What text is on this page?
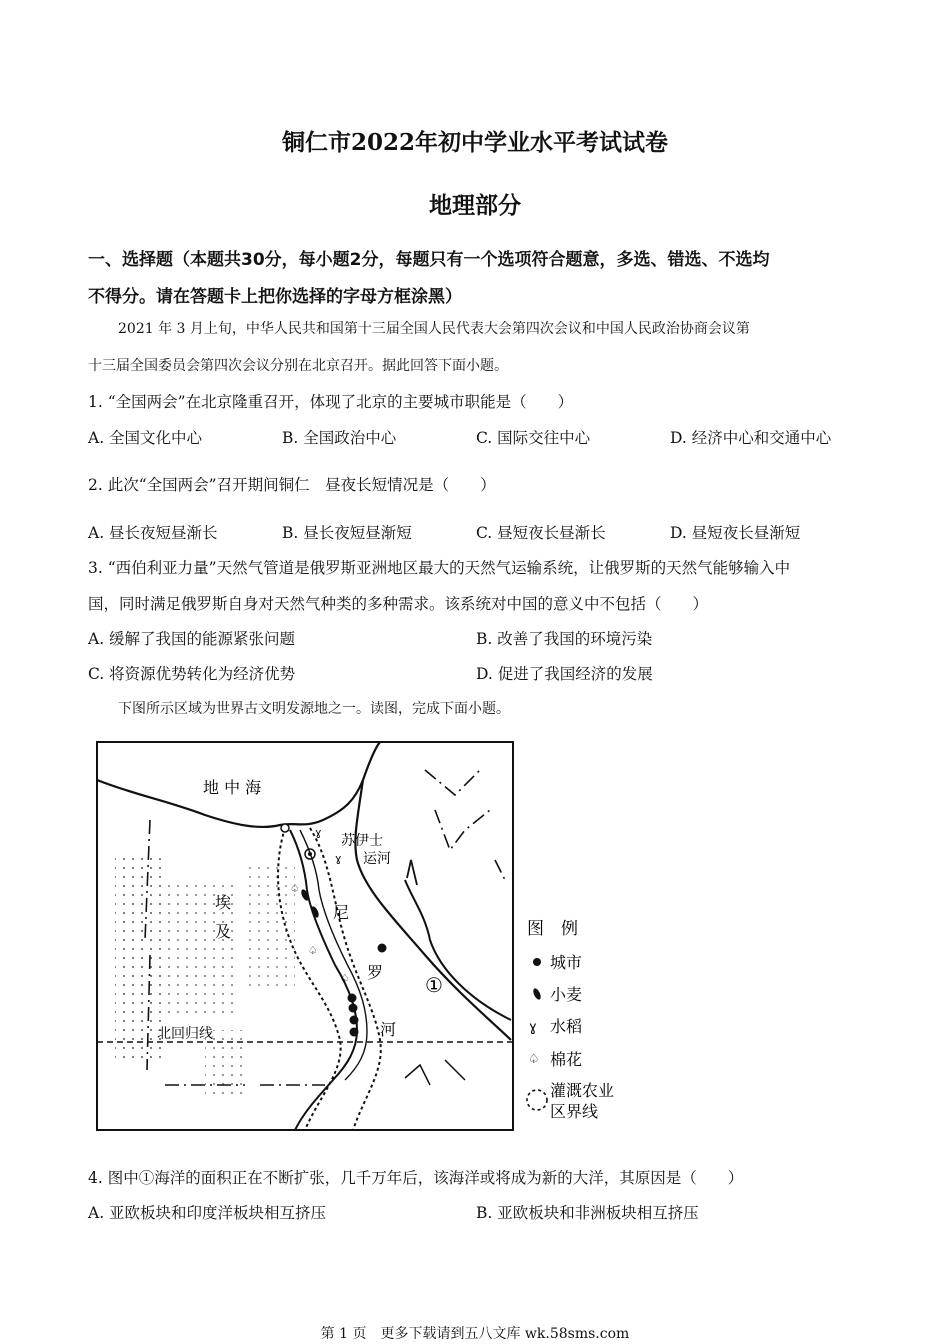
铜仁市2022年初中学业水平考试试卷
地理部分
一、选择题（本题共30分，每小题2分，每题只有一个选项符合题意，多选、错选、不选均
不得分。请在答题卡上把你选择的字母方框涂黑）
2021 年 3 月上旬，中华人民共和国第十三届全国人民代表大会第四次会议和中国人民政治协商会议第
十三届全国委员会第四次会议分别在北京召开。据此回答下面小题。
1. “全国两会”在北京隆重召开，体现了北京的主要城市职能是（　　）
A. 全国文化中心	B. 全国政治中心	C. 国际交往中心	D. 经济中心和交通中心
2. 此次“全国两会”召开期间铜仁　昼夜长短情况是（　　）
A. 昼长夜短昼渐长	B. 昼长夜短昼渐短	C. 昼短夜长昼渐长	D. 昼短夜长昼渐短
3. “西伯利亚力量”天然气管道是俄罗斯亚洲地区最大的天然气运输系统，让俄罗斯的天然气能够输入中
国，同时满足俄罗斯自身对天然气种类的多种需求。该系统对中国的意义中不包括（　　）
A. 缓解了我国的能源紧张问题	B. 改善了我国的环境污染
C. 将资源优势转化为经济优势	D. 促进了我国经济的发展
下图所示区域为世界古文明发源地之一。读图，完成下面小题。
ɣ
ɣ
♤
♤
♤
地 中 海
苏伊士
运河
埃
及
尼
罗
河
①
北回归线
图　例
城市
小麦
ɣ 水稻
♤ 棉花
灌溉农业
区界线
4. 图中①海洋的面积正在不断扩张，几千万年后，该海洋或将成为新的大洋，其原因是（　　）
A. 亚欧板块和印度洋板块相互挤压	B. 亚欧板块和非洲板块相互挤压
第 1 页　更多下载请到五八文库 wk.58sms.com
